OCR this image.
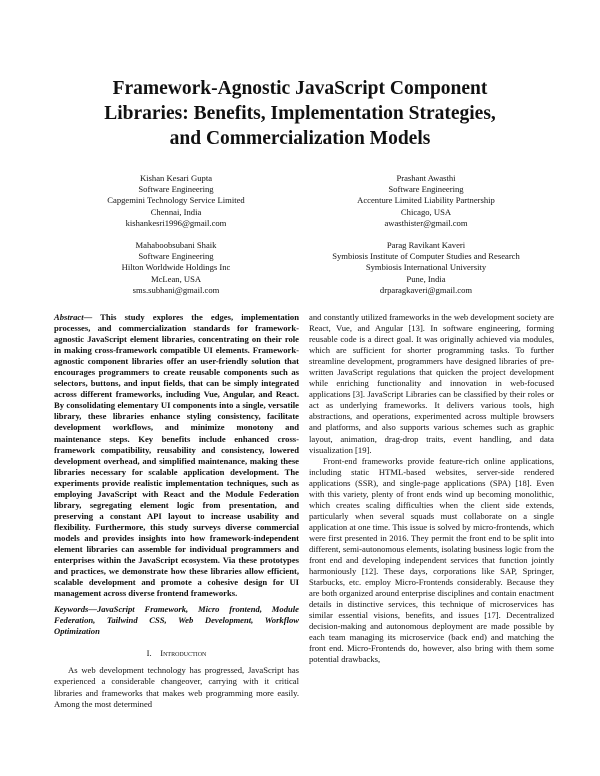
Framework-Agnostic JavaScript Component
Libraries: Benefits, Implementation Strategies,
and Commercialization Models
Kishan Kesari Gupta
Software Engineering
Capgemini Technology Service Limited
Chennai, India
kishankesri1996@gmail.com
Prashant Awasthi
Software Engineering
Accenture Limited Liability Partnership
Chicago, USA
awasthister@gmail.com
Mahaboobsubani Shaik
Software Engineering
Hilton Worldwide Holdings Inc
McLean, USA
sms.subhani@gmail.com
Parag Ravikant Kaveri
Symbiosis Institute of Computer Studies and Research
Symbiosis International University
Pune, India
drparagkaveri@gmail.com

Abstract— This study explores the edges, implementation processes, and commercialization standards for framework-agnostic JavaScript element libraries, concentrating on their role in making cross-framework compatible UI elements. Framework-agnostic component libraries offer an user-friendly solution that encourages programmers to create reusable components such as selectors, buttons, and input fields, that can be simply integrated across different frameworks, including Vue, Angular, and React. By consolidating elementary UI components into a single, versatile library, these libraries enhance styling consistency, facilitate development workflows, and minimize monotony and maintenance steps. Key benefits include enhanced cross-framework compatibility, reusability and consistency, lowered development overhead, and simplified maintenance, making these libraries necessary for scalable application development. The experiments provide realistic implementation techniques, such as employing JavaScript with React and the Module Federation library, segregating element logic from presentation, and preserving a constant API layout to increase usability and flexibility. Furthermore, this study surveys diverse commercial models and provides insights into how framework-independent element libraries can assemble for individual programmers and enterprises within the JavaScript ecosystem. Via these prototypes and practices, we demonstrate how these libraries allow efficient, scalable development and promote a cohesive design for UI management across diverse frontend frameworks.

Keywords—JavaScript Framework, Micro frontend, Module Federation, Tailwind CSS, Web Development, Workflow Optimization

I. Introduction

As web development technology has progressed, JavaScript has experienced a considerable changeover, carrying with it critical libraries and frameworks that makes web programming more easily. Among the most determined

and constantly utilized frameworks in the web development society are React, Vue, and Angular [13]. In software engineering, forming reusable code is a direct goal. It was originally achieved via modules, which are sufficient for shorter programming tasks. To further streamline development, programmers have designed libraries of pre-written JavaScript regulations that quicken the project development while enriching functionality and innovation in web-focused applications [3]. JavaScript Libraries can be classified by their roles or act as underlying frameworks. It delivers various tools, high abstractions, and operations, experimented across multiple browsers and platforms, and also supports various schemes such as graphic layout, animation, drag-drop traits, event handling, and data visualization [19].

Front-end frameworks provide feature-rich online applications, including static HTML-based websites, server-side rendered applications (SSR), and single-page applications (SPA) [18]. Even with this variety, plenty of front ends wind up becoming monolithic, which creates scaling difficulties when the client side extends, particularly when several squads must collaborate on a single application at one time. This issue is solved by micro-frontends, which were first presented in 2016. They permit the front end to be split into different, semi-autonomous elements, isolating business logic from the front end and developing independent services that function jointly harmoniously [12]. These days, corporations like SAP, Springer, Starbucks, etc. employ Micro-Frontends considerably. Because they are both organized around enterprise disciplines and contain enactment details in distinctive services, this technique of microservices has similar essential visions, benefits, and issues [17]. Decentralized decision-making and autonomous deployment are made possible by each team managing its microservice (back end) and matching the front end. Micro-Frontends do, however, also bring with them some potential drawbacks,
